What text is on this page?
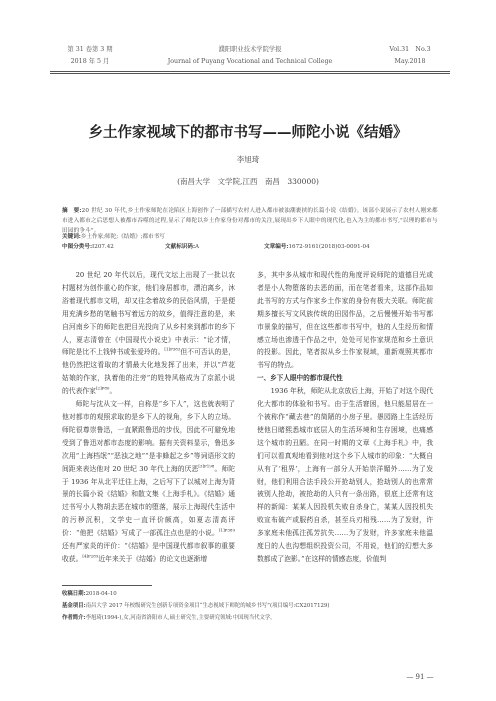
第 31 卷第 3 期
2018 年 5 月
濮阳职业技术学院学报
Journal of Puyang Vocational and Technical College
Vol.31　No.3
May.2018
乡土作家视域下的都市书写——师陀小说《结婚》
李旭琦
(南昌大学　文学院,江西　南昌　330000)
摘　要:20 世纪 30 年代,乡土作家师陀在沦陷区上海创作了一部描写农村人进入都市被浊潮裹挟的长篇小说《结婚》。该部小说展示了农村人刚来都市进入都市之后思想人被都市吞噬的过程,显示了师陀以乡土作家身份对都市的关注,展现出乡下人眼中的现代化,也入为主的都市书写,"以理的都市与田园的争斗"。
关键词:乡土作家;师陀;《结婚》;都市书写
中图分类号:I207.42	文献标识码:A	文章编号:1672-9161(2018)03-0091-04

20 世纪 20 年代以后，现代文坛上出现了一批以农村题材为创作重心的作家，他们身居都市，漂泊离乡，沐浴着现代都市文明，却又往念着故乡的民俗风情，于是便用充满乡愁的笔触书写着远方的故乡，值得注意的是，来自河南乡下的师陀也把目光投向了从乡村来到都市的乡下人，夏志清曾在《中国现代小说史》中表示：“论才情，师陀是比不上钱钟书或张爱玲的。$^{[1]P383}$但不可否认的是，他仍然把这看取的才情最大化地发挥了出来，并以“芦花姑娘的作家，执着他的注旁”的姓特风格成为了京派小说的代表作家$^{[2]P80}$。

师陀与沈从文一样，自称是“乡下人”，这也就表明了他对都市的观照求取的是乡下人的视角，乡下人的立场。师陀很尊崇鲁迅，一直紧跟鲁迅的步伐，因此不可避免地受到了鲁迅对都市态度的影响。据有关资料显示，鲁迅多次用“上海档氓”“恶浊之地”“是非蜂起之乡”等词语形文的间距来表达他对 20 世纪 30 年代上海的厌恶$^{[3]P198}$。师陀于 1936 年从北平迁往上海，之后写下了以城对上海为背景的长篇小说《结婚》和散文集《上海手札》。《结婚》通过书写小人物胡去恶在城市的堕落，展示上海现代生活中的污秽沉积，文学史一直评价颇高，如夏志清高评价：“他把《结婚》写成了一部孤注点也是的小说。$^{[1]P389}$还有严家炎的评价：“《结婚》是中国现代都市叙事的重要收获。$^{[4]P289}$近年来关于《结婚》的论文也逐渐增

多，其中多从城市和现代性的角度评说师陀的道德目光或者是小人物堕落的去恶的面，而在笔者看来，这部作品如此书写的方式与作家乡土作家的身份有极大关联。师陀前期多擅长写文风族传统的田园作品，之后慢慢开始书写都市景象的描写，但在这些都市书写中，他的人生经历和情感立场也渗透于作品之中，处处可见作家规范和乡土意识的投影。因此，笔者拟从乡土作家视域，重新观照其都市书写的特点。

一、乡下人眼中的都市现代性

1936 年秋，师陀从北京放后上海，开始了对这个现代化大都市的体验和书写。由于生活窘困，他只能屈居在一个被称作“藏去巷”的简陋的小房子里。愚园路上生活经历使他日睹熙悉城市底层人的生活环境和生存困境，也痛感这个城市的丑陋。在同一时期的文章《上海手札》中，我们可以看真观地看到他对这个乡下人城市的印象：“大概自从有了‘租界’，上海有一部分人开始崇洋媚外……为了发财，他们利用合法手段公开抢劫别人，抢劫别人的也常常被别人抢劫，被抢劫的人只有一条出路，很底上还常有这样的新闻：某某人因投机失败自杀身亡，某某人因投机失败宣布破产或服药自杀，甚至兵刃相残……为了发财，许多家庭未他孤注孤芳抗失……为了发财，许多家庭未他温度日的人也沟想组织投资公司，不用说，他们的幻想大多数都成了泡影。”在这样的情感态度，价值判

收稿日期:2018-04-10
基金项目:南昌大学 2017 年校级研究生创新专项资金项目“生态视域下师陀的城乡书写”(项目编号:CX2017129)
作者简介:李旭琦(1994-),女,河南省洛阳市人,硕士研究生,主要研究领域:中国现当代文学。
— 91 —
